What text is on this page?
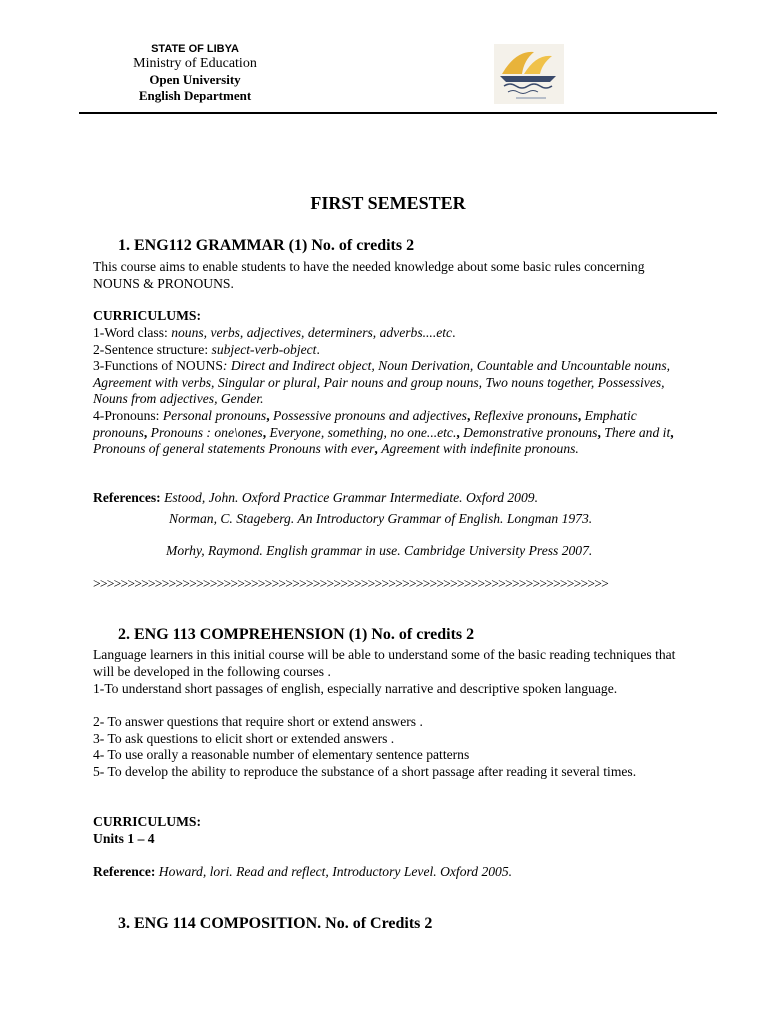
STATE OF LIBYA
Ministry of Education
Open University
English Department
FIRST SEMESTER
1. ENG112 GRAMMAR (1) No. of credits 2
This course aims to enable students to have the needed knowledge about some basic rules concerning NOUNS & PRONOUNS.
CURRICULUMS:
1-Word class: nouns, verbs, adjectives, determiners, adverbs....etc.
2-Sentence structure: subject-verb-object.
3-Functions of NOUNS: Direct and Indirect object, Noun Derivation, Countable and Uncountable nouns, Agreement with verbs, Singular or plural, Pair nouns and group nouns, Two nouns together, Possessives, Nouns from adjectives, Gender.
4-Pronouns: Personal pronouns, Possessive pronouns and adjectives, Reflexive pronouns, Emphatic pronouns, Pronouns : one\ones, Everyone, something, no one...etc., Demonstrative pronouns, There and it, Pronouns of general statements Pronouns with ever, Agreement with indefinite pronouns.
References: Estood, John. Oxford Practice Grammar Intermediate. Oxford 2009.
Norman, C. Stageberg. An Introductory Grammar of English. Longman 1973.
Morhy, Raymond. English grammar in use. Cambridge University Press 2007.
>>>>>>>>>>>>>>>>>>>>>>>>>>>>>>>>>>>>>>>>>>>>>>>>>>>>>>>>>>>>>>>>>>>>>>>>>>>
2. ENG 113 COMPREHENSION (1) No. of credits 2
Language learners in this initial course will be able to understand some of the basic reading techniques that will be developed in the following courses .
1-To understand short passages of english, especially narrative and descriptive spoken language.
2- To answer questions that require short or extend answers .
3- To ask questions to elicit short or extended answers .
4- To use orally a reasonable number of elementary sentence patterns
5- To develop the ability to reproduce the substance of a short passage after reading it several times.
CURRICULUMS:
Units 1 – 4
Reference: Howard, lori. Read and reflect, Introductory Level. Oxford 2005.
3. ENG 114 COMPOSITION. No. of Credits 2
